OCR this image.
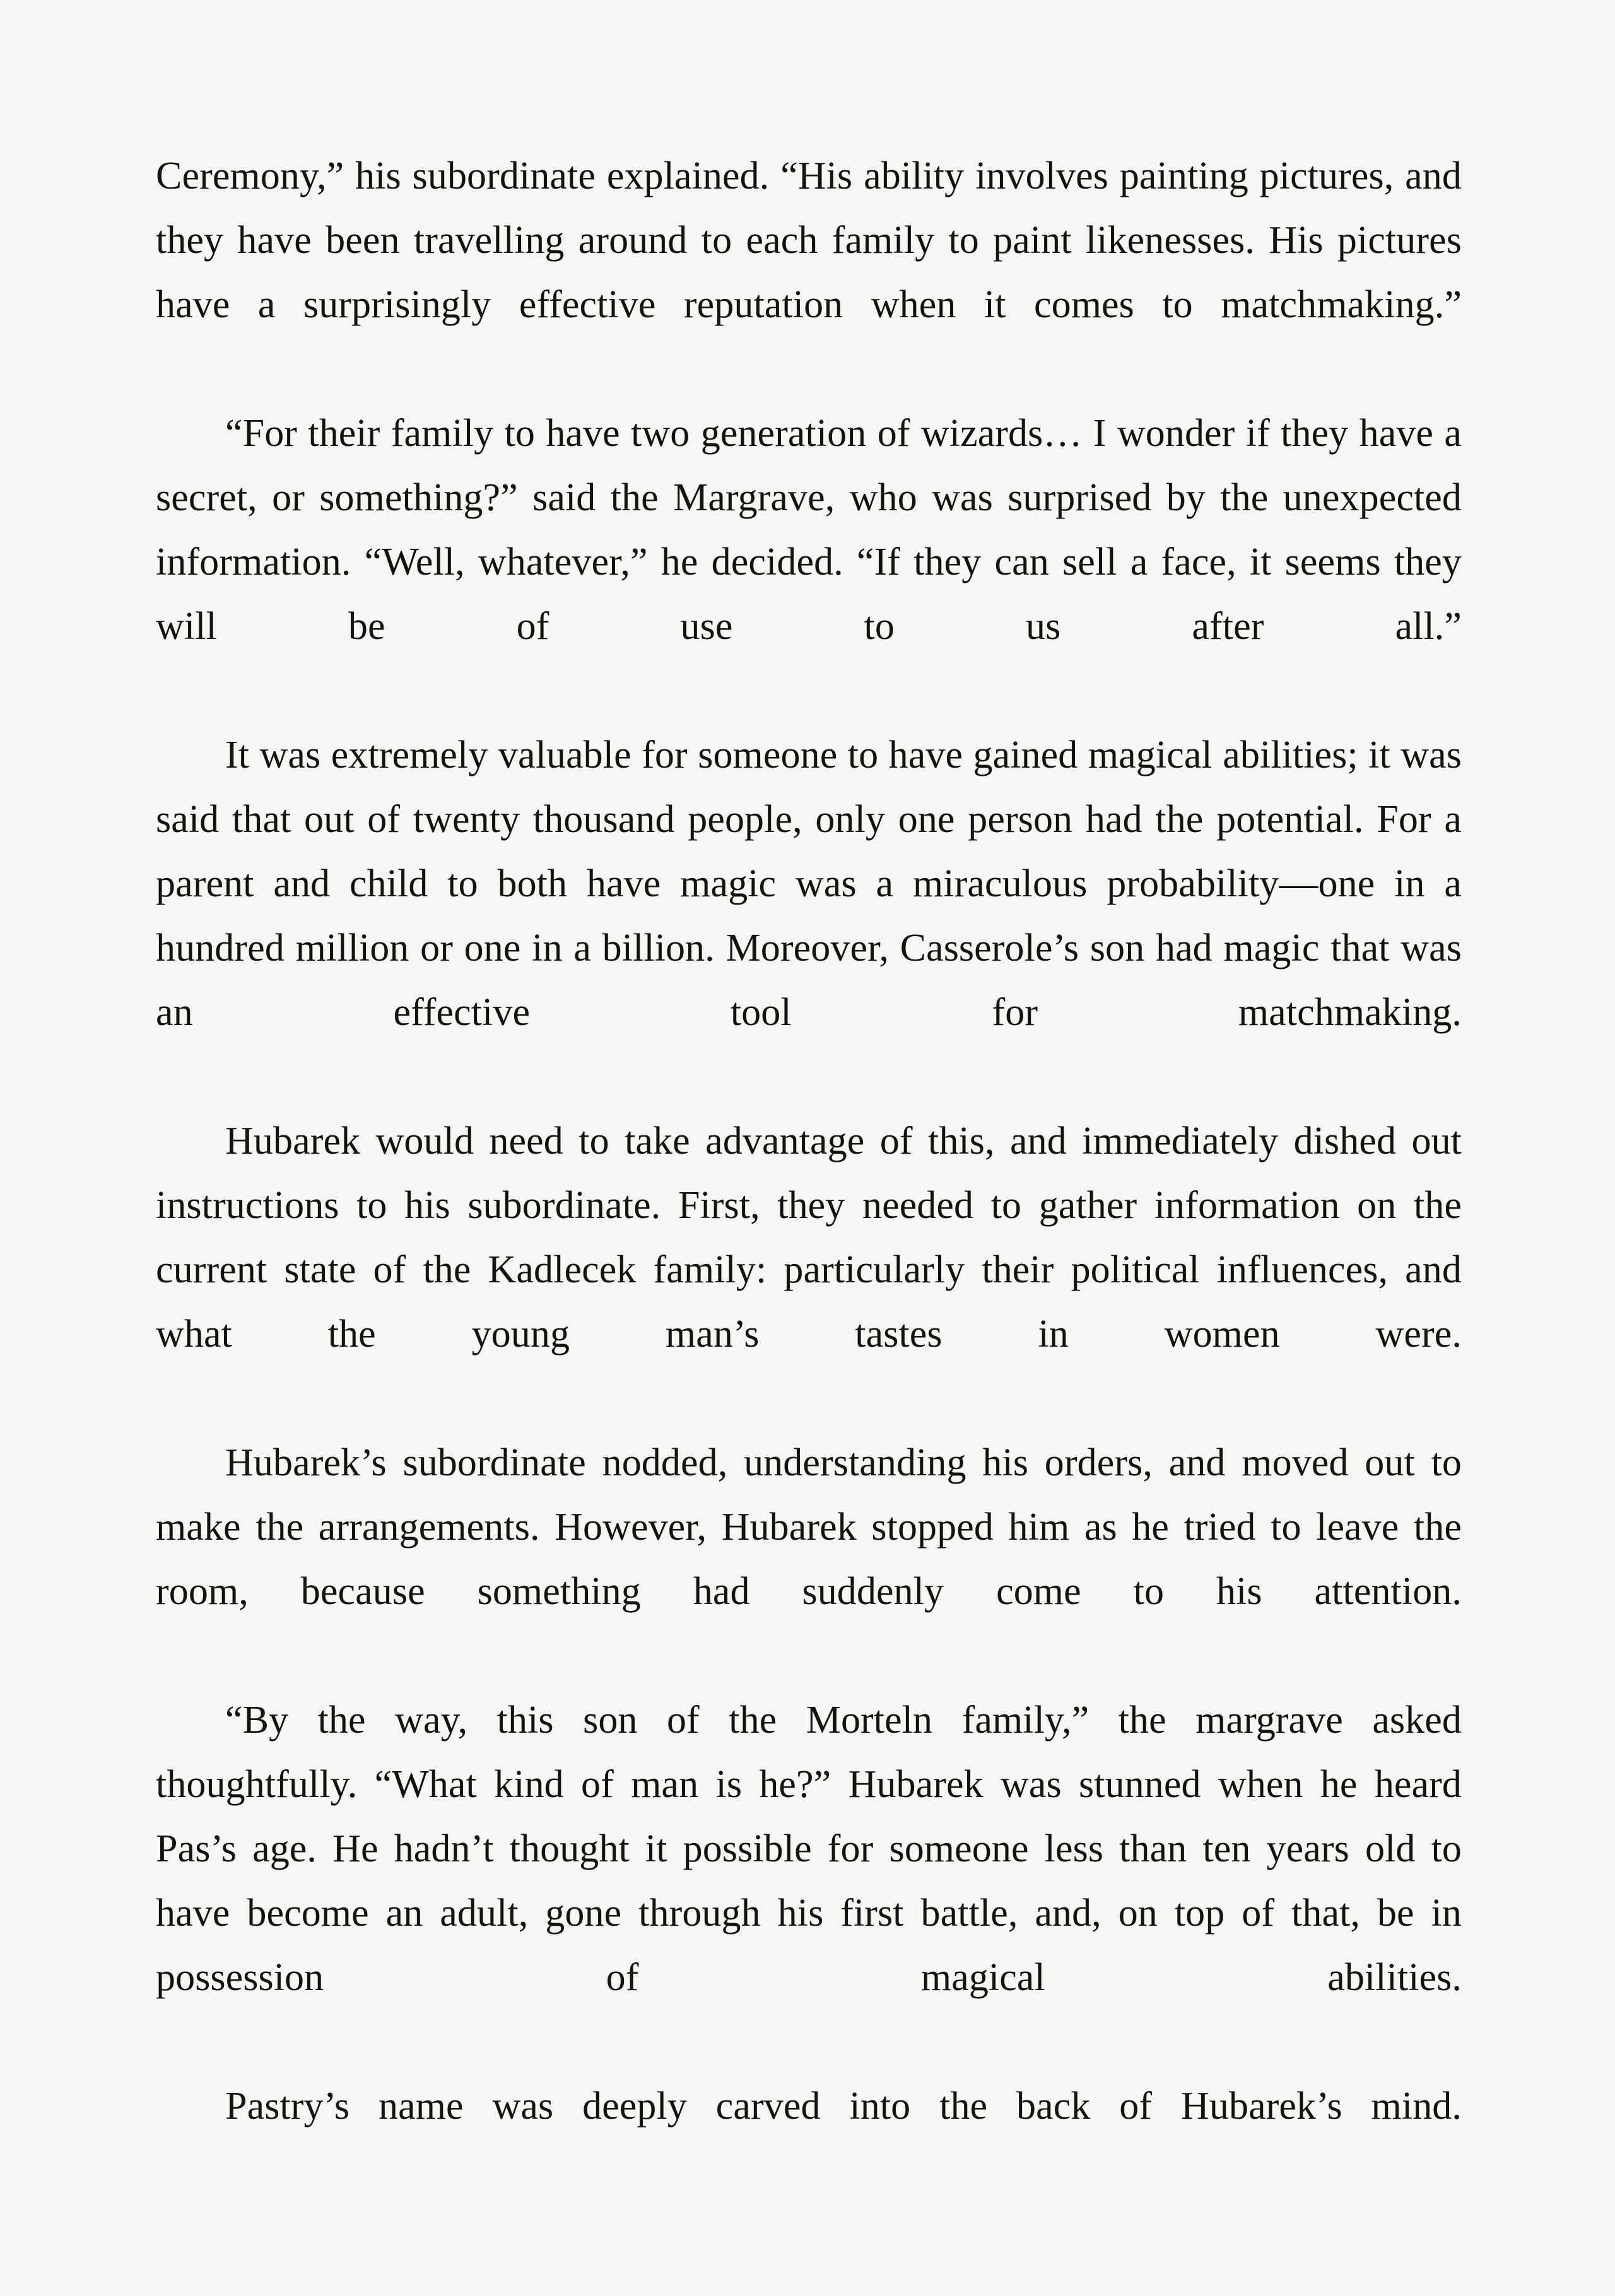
Ceremony,” his subordinate explained. “His ability involves painting pictures, and they have been travelling around to each family to paint likenesses. His pictures have a surprisingly effective reputation when it comes to matchmaking.”

“For their family to have two generation of wizards… I wonder if they have a secret, or something?” said the Margrave, who was surprised by the unexpected information. “Well, whatever,” he decided. “If they can sell a face, it seems they will be of use to us after all.”

It was extremely valuable for someone to have gained magical abilities; it was said that out of twenty thousand people, only one person had the potential. For a parent and child to both have magic was a miraculous probability—one in a hundred million or one in a billion. Moreover, Casserole’s son had magic that was an effective tool for matchmaking.

Hubarek would need to take advantage of this, and immediately dished out instructions to his subordinate. First, they needed to gather information on the current state of the Kadlecek family: particularly their political influences, and what the young man’s tastes in women were.

Hubarek’s subordinate nodded, understanding his orders, and moved out to make the arrangements. However, Hubarek stopped him as he tried to leave the room, because something had suddenly come to his attention.

“By the way, this son of the Morteln family,” the margrave asked thoughtfully. “What kind of man is he?” Hubarek was stunned when he heard Pas’s age. He hadn’t thought it possible for someone less than ten years old to have become an adult, gone through his first battle, and, on top of that, be in possession of magical abilities.

Pastry’s name was deeply carved into the back of Hubarek’s mind.
